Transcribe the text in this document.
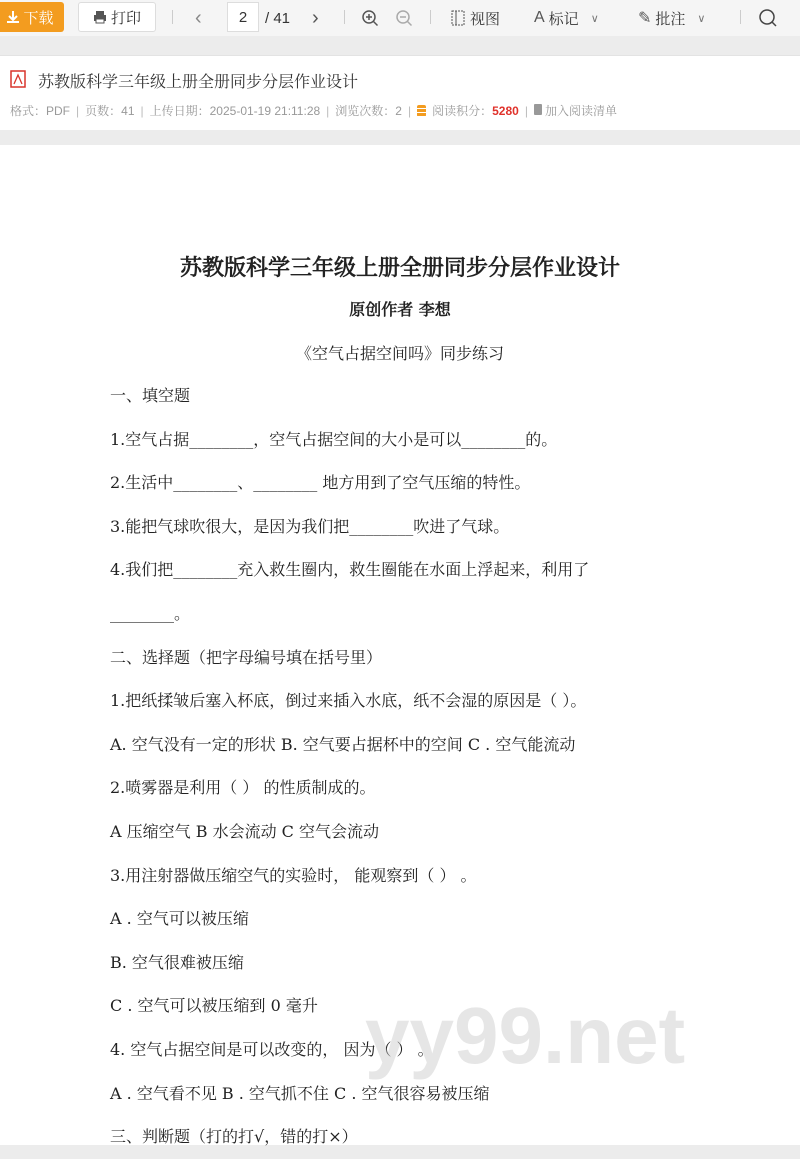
下载	打印	‹	2	/ 41 ›	视图 A 标记 ∨ ✎ 批注 ∨
苏教版科学三年级上册全册同步分层作业设计
格式：PDF | 页数：41 | 上传日期：2025-01-19 21:11:28 | 浏览次数：2 | 阅读积分：5280 |	加入阅读清单
苏教版科学三年级上册全册同步分层作业设计
原创作者 李想
《空气占据空间吗》同步练习
一、填空题
1.空气占据________，空气占据空间的大小是可以________的。
2.生活中________、________ 地方用到了空气压缩的特性。
3.能把气球吹很大，是因为我们把________吹进了气球。
4.我们把________充入救生圈内，救生圈能在水面上浮起来，利用了
________。
二、选择题（把字母编号填在括号里）
1.把纸揉皱后塞入杯底，倒过来插入水底，纸不会湿的原因是（ ）。
A. 空气没有一定的形状 B. 空气要占据杯中的空间 C . 空气能流动
2.喷雾器是利用（ ） 的性质制成的。
A 压缩空气 B 水会流动 C 空气会流动
3.用注射器做压缩空气的实验时， 能观察到（ ） 。
A . 空气可以被压缩
B. 空气很难被压缩
C . 空气可以被压缩到 0 毫升
4. 空气占据空间是可以改变的， 因为（ ） 。
A . 空气看不见 B . 空气抓不住 C . 空气很容易被压缩
三、判断题（打的打√，错的打×）
yy99.net
